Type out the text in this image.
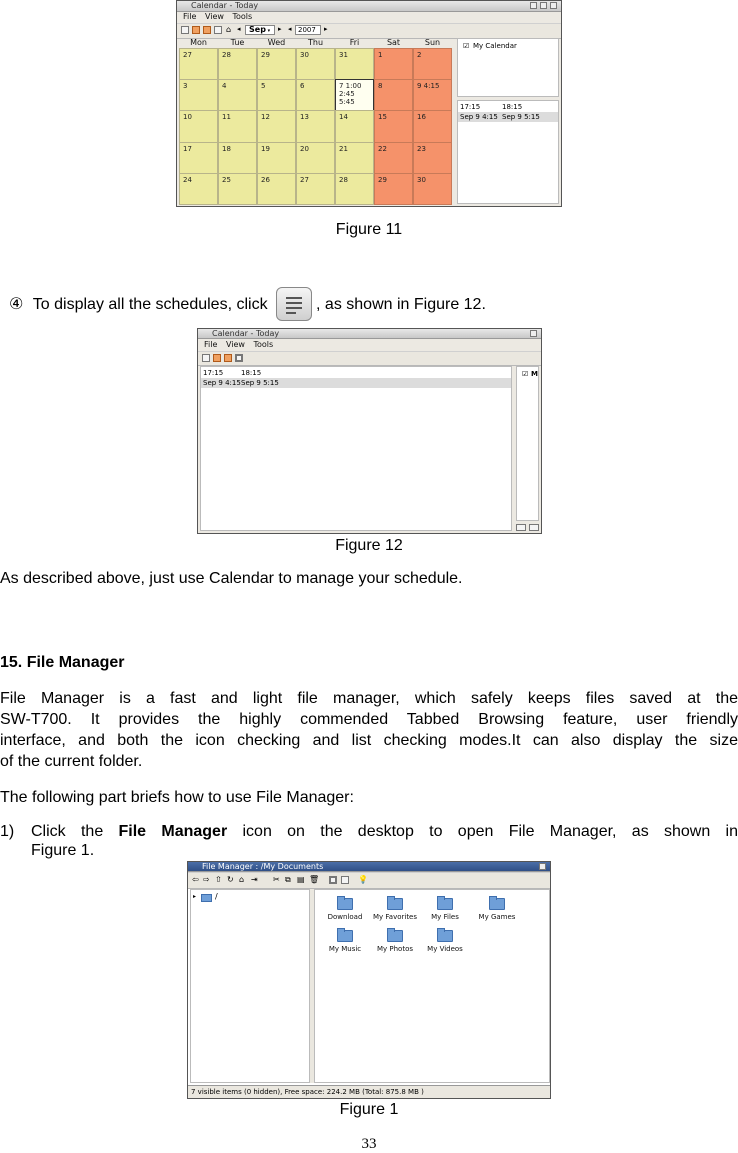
Calendar - Today
File View Tools
⌂ ◂	Sep ▾	▸ ◂ 2007	▸
☑ My Calendar
17:15	18:15
Sep 9 4:15 Sep 9 5:15
Mon	Tue	Wed	Thu	Fri	Sat	Sun
27	28	29	30	31	1	2
3	4	5	6	7 1:00
2:45
5:45
8	9 4:15
10	11	12	13	14	15	16
17	18	19	20	21	22	23
24	25	26	27	28	29	30
Figure 11
④ To display all the schedules, click	, as shown in Figure 12.
Calendar - Today
File View Tools
17:15	18:15
Sep 9 4:15 Sep 9 5:15
☑ M
Figure 12
As described above, just use Calendar to manage your schedule.
15. File Manager
File Manager is a fast and light file manager, which safely keeps files saved at the
SW-T700. It provides the highly commended Tabbed Browsing feature, user friendly
interface, and both the icon checking and list checking modes.It can also display the size
of the current folder.
The following part briefs how to use File Manager:
1)	Click the File Manager icon on the desktop to open File Manager, as shown in
Figure 1.
File Manager : /My Documents
⇦ ⇨ ⇧ ↻ ⌂ ⇥ ✂ ⧉ ▤ 🗑	💡
▸ /
Download	My Favorites	My Files	My Games
My Music	My Photos	My Videos
7 visible items (0 hidden), Free space: 224.2 MB (Total: 875.8 MB )
Figure 1
33
